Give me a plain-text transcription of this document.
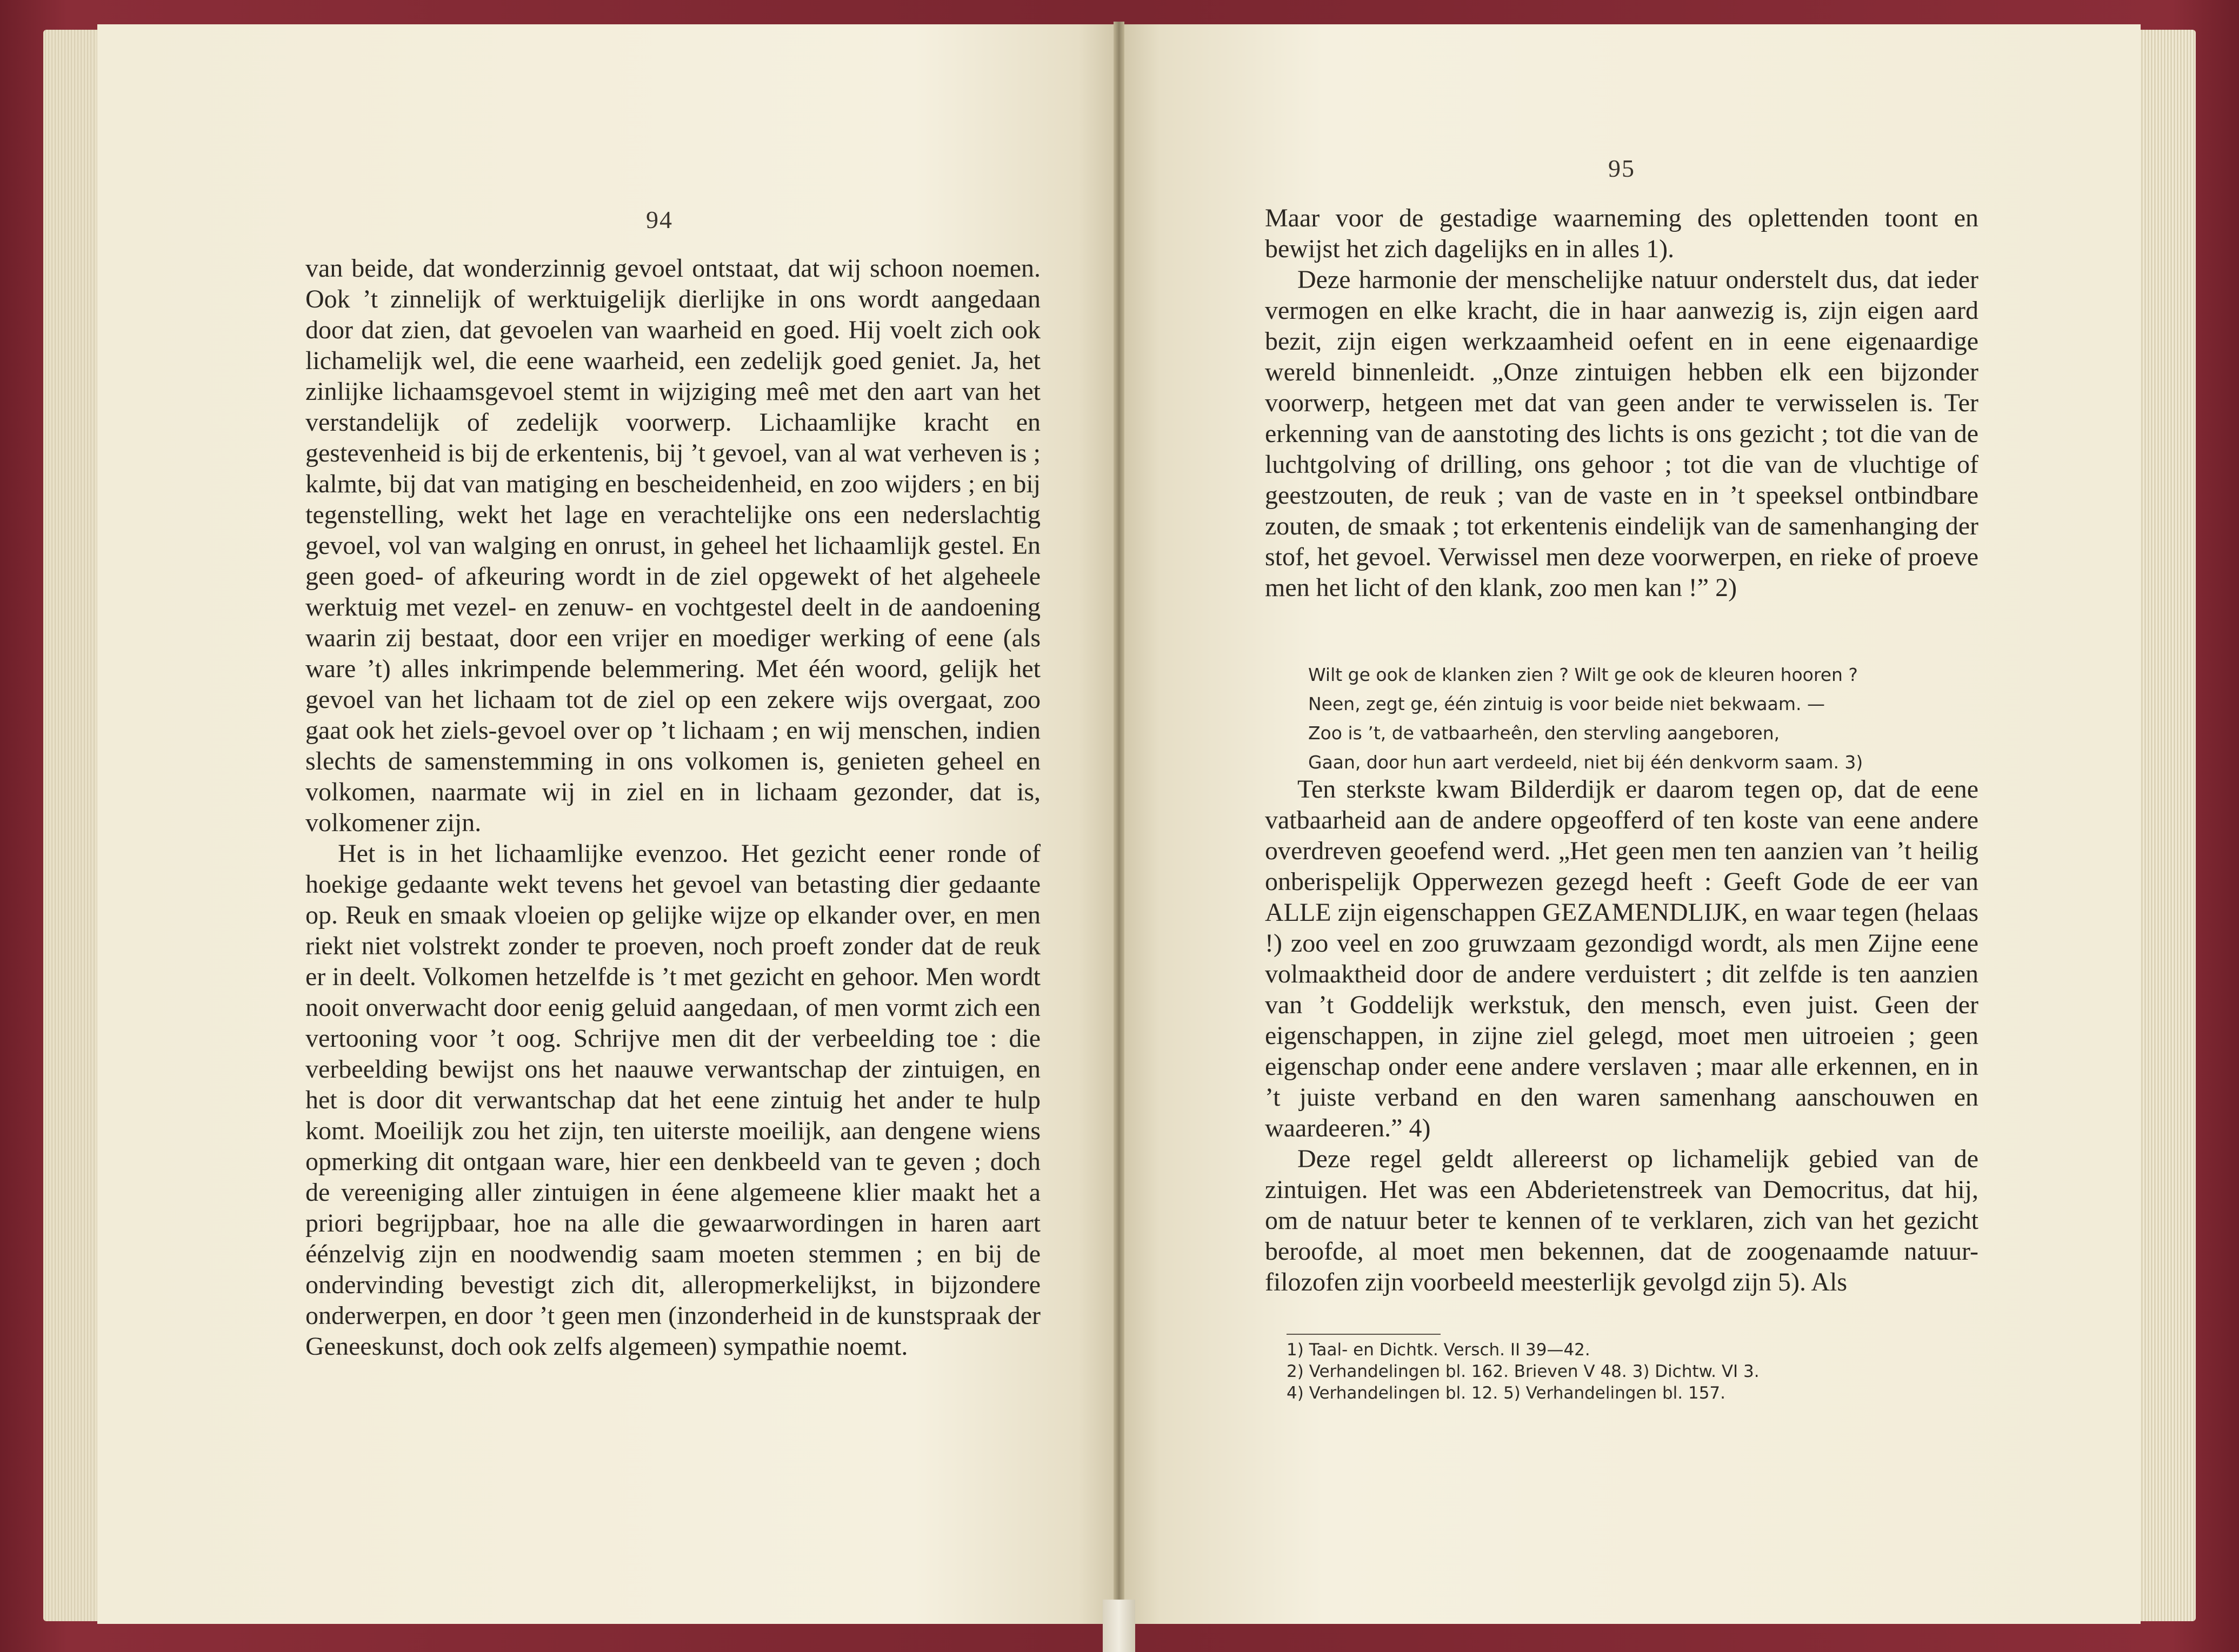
94

van beide, dat wonderzinnig gevoel ontstaat, dat wij schoon noemen. Ook ’t zinnelijk of werktuigelijk dierlijke in ons wordt aangedaan door dat zien, dat gevoelen van waarheid en goed. Hij voelt zich ook lichamelijk wel, die eene waarheid, een zedelijk goed geniet. Ja, het zinlijke lichaamsgevoel stemt in wijziging meê met den aart van het verstandelijk of zedelijk voorwerp. Lichaamlijke kracht en gestevenheid is bij de erkentenis, bij ’t gevoel, van al wat verheven is ; kalmte, bij dat van matiging en bescheidenheid, en zoo wijders ; en bij tegenstelling, wekt het lage en verachtelijke ons een nederslachtig gevoel, vol van walging en onrust, in geheel het lichaamlijk gestel. En geen goed- of afkeuring wordt in de ziel opgewekt of het algeheele werktuig met vezel- en zenuw- en vochtgestel deelt in de aandoening waarin zij bestaat, door een vrijer en moediger werking of eene (als ware ’t) alles inkrimpende belemmering. Met één woord, gelijk het gevoel van het lichaam tot de ziel op een zekere wijs overgaat, zoo gaat ook het ziels-gevoel over op ’t lichaam ; en wij menschen, indien slechts de samenstemming in ons volkomen is, genieten geheel en volkomen, naarmate wij in ziel en in lichaam gezonder, dat is, volkomener zijn.

Het is in het lichaamlijke evenzoo. Het gezicht eener ronde of hoekige gedaante wekt tevens het gevoel van betasting dier gedaante op. Reuk en smaak vloeien op gelijke wijze op elkander over, en men riekt niet volstrekt zonder te proeven, noch proeft zonder dat de reuk er in deelt. Volkomen hetzelfde is ’t met gezicht en gehoor. Men wordt nooit onverwacht door eenig geluid aangedaan, of men vormt zich een vertooning voor ’t oog. Schrijve men dit der verbeelding toe : die verbeelding bewijst ons het naauwe verwantschap der zintuigen, en het is door dit verwantschap dat het eene zintuig het ander te hulp komt. Moeilijk zou het zijn, ten uiterste moeilijk, aan dengene wiens opmerking dit ontgaan ware, hier een denkbeeld van te geven ; doch de vereeniging aller zintuigen in éene algemeene klier maakt het a priori begrijpbaar, hoe na alle die gewaarwordingen in haren aart éénzelvig zijn en noodwendig saam moeten stemmen ; en bij de ondervinding bevestigt zich dit, alleropmerkelijkst, in bijzondere onderwerpen, en door ’t geen men (inzonderheid in de kunstspraak der Geneeskunst, doch ook zelfs algemeen) sympathie noemt.

95

Maar voor de gestadige waarneming des oplettenden toont en bewijst het zich dagelijks en in alles 1).

Deze harmonie der menschelijke natuur onderstelt dus, dat ieder vermogen en elke kracht, die in haar aanwezig is, zijn eigen aard bezit, zijn eigen werkzaamheid oefent en in eene eigenaardige wereld binnenleidt. „Onze zintuigen hebben elk een bijzonder voorwerp, hetgeen met dat van geen ander te verwisselen is. Ter erkenning van de aanstoting des lichts is ons gezicht ; tot die van de luchtgolving of drilling, ons gehoor ; tot die van de vluchtige of geestzouten, de reuk ; van de vaste en in ’t speeksel ontbindbare zouten, de smaak ; tot erkentenis eindelijk van de samenhanging der stof, het gevoel. Verwissel men deze voorwerpen, en rieke of proeve men het licht of den klank, zoo men kan !” 2)

Wilt ge ook de klanken zien ? Wilt ge ook de kleuren hooren ?
Neen, zegt ge, één zintuig is voor beide niet bekwaam. —
Zoo is ’t, de vatbaarheên, den stervling aangeboren,
Gaan, door hun aart verdeeld, niet bij één denkvorm saam. 3)

Ten sterkste kwam Bilderdijk er daarom tegen op, dat de eene vatbaarheid aan de andere opgeofferd of ten koste van eene andere overdreven geoefend werd. „Het geen men ten aanzien van ’t heilig onberispelijk Opperwezen gezegd heeft : Geeft Gode de eer van ALLE zijn eigenschappen GEZAMENDLIJK, en waar tegen (helaas !) zoo veel en zoo gruwzaam gezondigd wordt, als men Zijne eene volmaaktheid door de andere verduistert ; dit zelfde is ten aanzien van ’t Goddelijk werkstuk, den mensch, even juist. Geen der eigenschappen, in zijne ziel gelegd, moet men uitroeien ; geen eigenschap onder eene andere verslaven ; maar alle erkennen, en in ’t juiste verband en den waren samenhang aanschouwen en waardeeren.” 4)

Deze regel geldt allereerst op lichamelijk gebied van de zintuigen. Het was een Abderietenstreek van Democritus, dat hij, om de natuur beter te kennen of te verklaren, zich van het gezicht beroofde, al moet men bekennen, dat de zoogenaamde natuur-filozofen zijn voorbeeld meesterlijk gevolgd zijn 5). Als

1) Taal- en Dichtk. Versch. II 39—42.
2) Verhandelingen bl. 162. Brieven V 48. 3) Dichtw. VI 3.
4) Verhandelingen bl. 12. 5) Verhandelingen bl. 157.
